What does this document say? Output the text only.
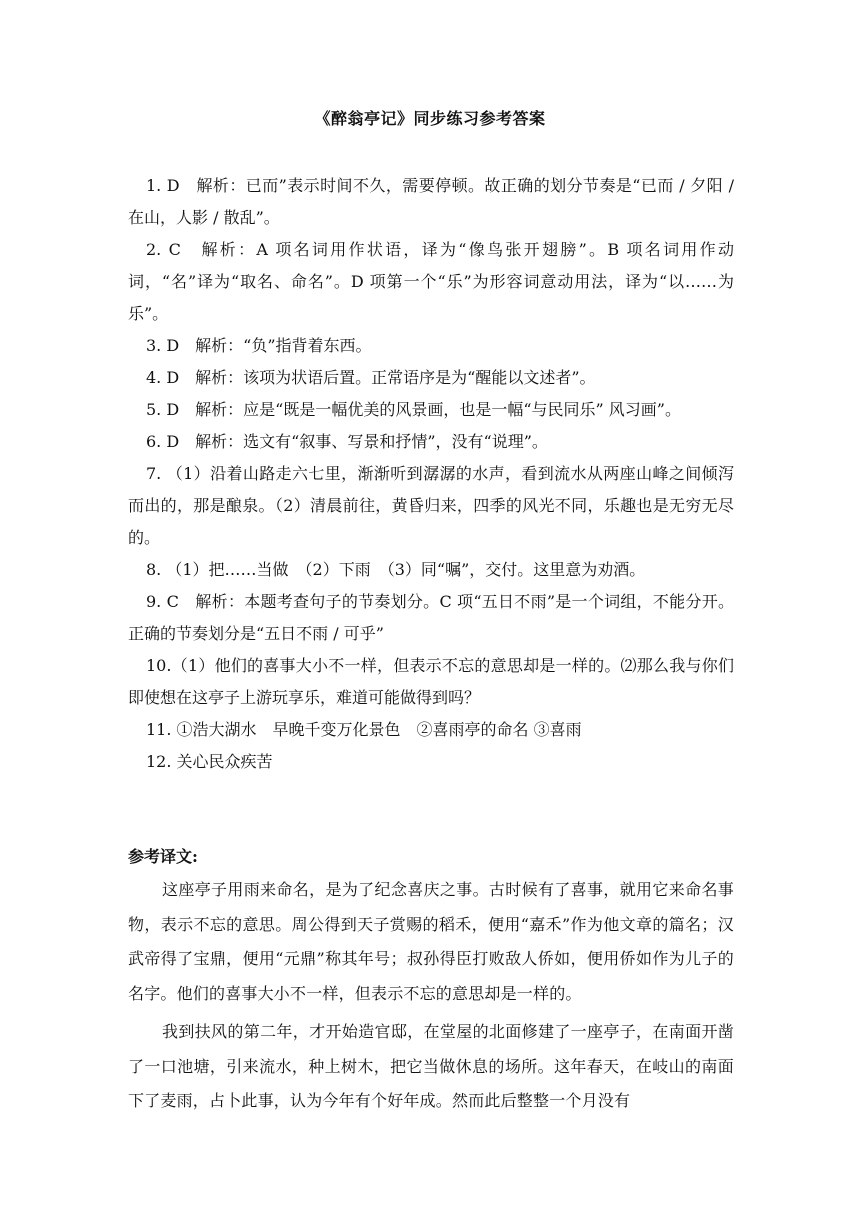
《醉翁亭记》同步练习参考答案

1. D　解析：已而”表示时间不久，需要停顿。故正确的划分节奏是“已而 / 夕阳 / 在山，人影 / 散乱”。

2. C　解析：A 项名词用作状语，译为“像鸟张开翅膀”。B 项名词用作动词，“名”译为“取名、命名”。D 项第一个“乐”为形容词意动用法，译为“以……为乐”。

3. D　解析：“负”指背着东西。

4. D　解析：该项为状语后置。正常语序是为“醒能以文述者”。

5. D　解析：应是“既是一幅优美的风景画，也是一幅“与民同乐” 风习画”。

6. D　解析：选文有“叙事、写景和抒情”，没有“说理”。

7. （1）沿着山路走六七里，渐渐听到潺潺的水声，看到流水从两座山峰之间倾泻而出的，那是酿泉。（2）清晨前往，黄昏归来，四季的风光不同，乐趣也是无穷无尽的。

8. （1）把……当做　（2）下雨　（3）同“嘱”，交付。这里意为劝酒。

9. C　解析：本题考查句子的节奏划分。C 项“五日不雨”是一个词组，不能分开。正确的节奏划分是“五日不雨 / 可乎”

10.（1）他们的喜事大小不一样，但表示不忘的意思却是一样的。⑵那么我与你们即使想在这亭子上游玩享乐，难道可能做得到吗？

11. ①浩大湖水　早晚千变万化景色　②喜雨亭的命名 ③喜雨

12. 关心民众疾苦

参考译文:

这座亭子用雨来命名，是为了纪念喜庆之事。古时候有了喜事，就用它来命名事物，表示不忘的意思。周公得到天子赏赐的稻禾，便用“嘉禾”作为他文章的篇名；汉武帝得了宝鼎，便用“元鼎”称其年号；叔孙得臣打败敌人侨如，便用侨如作为儿子的名字。他们的喜事大小不一样，但表示不忘的意思却是一样的。

我到扶风的第二年，才开始造官邸，在堂屋的北面修建了一座亭子，在南面开凿了一口池塘，引来流水，种上树木，把它当做休息的场所。这年春天，在岐山的南面下了麦雨，占卜此事，认为今年有个好年成。然而此后整整一个月没有
